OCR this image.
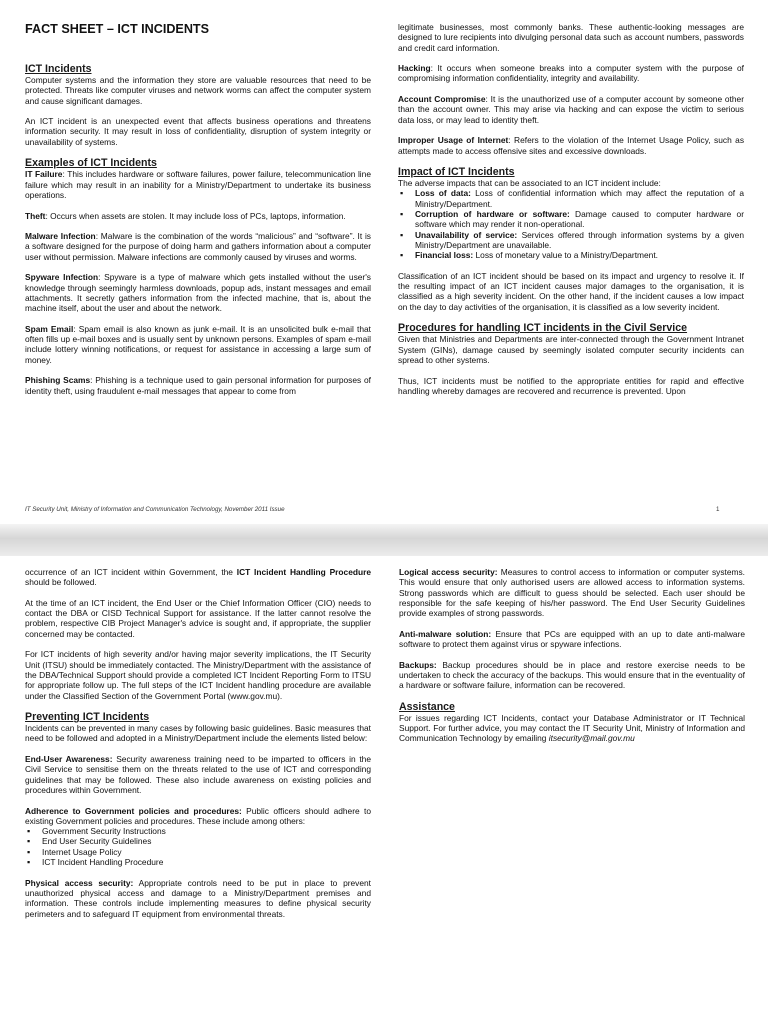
FACT SHEET – ICT INCIDENTS
ICT Incidents

Computer systems and the information they store are valuable resources that need to be protected. Threats like computer viruses and network worms can affect the computer system and cause significant damages.

An ICT incident is an unexpected event that affects business operations and threatens information security. It may result in loss of confidentiality, disruption of system integrity or unavailability of systems.

Examples of ICT Incidents

IT Failure: This includes hardware or software failures, power failure, telecommunication line failure which may result in an inability for a Ministry/Department to undertake its business operations.

Theft: Occurs when assets are stolen. It may include loss of PCs, laptops, information.

Malware Infection: Malware is the combination of the words “malicious” and “software”. It is a software designed for the purpose of doing harm and gathers information about a computer user without permission. Malware infections are commonly caused by viruses and worms.

Spyware Infection: Spyware is a type of malware which gets installed without the user's knowledge through seemingly harmless downloads, popup ads, instant messages and email attachments. It secretly gathers information from the infected machine, that is, about the machine itself, about the user and about the network.

Spam Email: Spam email is also known as junk e-mail. It is an unsolicited bulk e-mail that often fills up e-mail boxes and is usually sent by unknown persons. Examples of spam e-mail include lottery winning notifications, or request for assistance in accessing a large sum of money.

Phishing Scams: Phishing is a technique used to gain personal information for purposes of identity theft, using fraudulent e-mail messages that appear to come from

legitimate businesses, most commonly banks. These authentic-looking messages are designed to lure recipients into divulging personal data such as account numbers, passwords and credit card information.

Hacking: It occurs when someone breaks into a computer system with the purpose of compromising information confidentiality, integrity and availability.

Account Compromise: It is the unauthorized use of a computer account by someone other than the account owner. This may arise via hacking and can expose the victim to serious data loss, or may lead to identity theft.

Improper Usage of Internet: Refers to the violation of the Internet Usage Policy, such as attempts made to access offensive sites and excessive downloads.

Impact of ICT Incidents

The adverse impacts that can be associated to an ICT incident include:

▪ Loss of data: Loss of confidential information which may affect the reputation of a Ministry/Department.
▪ Corruption of hardware or software: Damage caused to computer hardware or software which may render it non-operational.
▪ Unavailability of service: Services offered through information systems by a given Ministry/Department are unavailable.
▪ Financial loss: Loss of monetary value to a Ministry/Department.

Classification of an ICT incident should be based on its impact and urgency to resolve it. If the resulting impact of an ICT incident causes major damages to the organisation, it is classified as a high severity incident. On the other hand, if the incident causes a low impact on the day to day activities of the organisation, it is classified as a low severity incident.

Procedures for handling ICT incidents in the Civil Service

Given that Ministries and Departments are inter-connected through the Government Intranet System (GINs), damage caused by seemingly isolated computer security incidents can spread to other systems.

Thus, ICT incidents must be notified to the appropriate entities for rapid and effective handling whereby damages are recovered and recurrence is prevented. Upon

IT Security Unit, Ministry of Information and Communication Technology, November 2011 Issue	1

occurrence of an ICT incident within Government, the ICT Incident Handling Procedure should be followed.

At the time of an ICT incident, the End User or the Chief Information Officer (CIO) needs to contact the DBA or CISD Technical Support for assistance. If the latter cannot resolve the problem, respective CIB Project Manager's advice is sought and, if appropriate, the supplier concerned may be contacted.

For ICT incidents of high severity and/or having major severity implications, the IT Security Unit (ITSU) should be immediately contacted. The Ministry/Department with the assistance of the DBA/Technical Support should provide a completed ICT Incident Reporting Form to ITSU for appropriate follow up. The full steps of the ICT Incident handling procedure are available under the Classified Section of the Government Portal (www.gov.mu).

Preventing ICT Incidents

Incidents can be prevented in many cases by following basic guidelines. Basic measures that need to be followed and adopted in a Ministry/Department include the elements listed below:

End-User Awareness: Security awareness training need to be imparted to officers in the Civil Service to sensitise them on the threats related to the use of ICT and corresponding guidelines that may be followed. These also include awareness on existing policies and procedures within Government.

Adherence to Government policies and procedures: Public officers should adhere to existing Government policies and procedures. These include among others:

▪ Government Security Instructions
▪ End User Security Guidelines
▪ Internet Usage Policy
▪ ICT Incident Handling Procedure

Physical access security: Appropriate controls need to be put in place to prevent unauthorized physical access and damage to a Ministry/Department premises and information. These controls include implementing measures to define physical security perimeters and to safeguard IT equipment from environmental threats.

Logical access security: Measures to control access to information or computer systems. This would ensure that only authorised users are allowed access to information systems. Strong passwords which are difficult to guess should be selected. Each user should be responsible for the safe keeping of his/her password. The End User Security Guidelines provide examples of strong passwords.

Anti-malware solution: Ensure that PCs are equipped with an up to date anti-malware software to protect them against virus or spyware infections.

Backups: Backup procedures should be in place and restore exercise needs to be undertaken to check the accuracy of the backups. This would ensure that in the eventuality of a hardware or software failure, information can be recovered.

Assistance

For issues regarding ICT Incidents, contact your Database Administrator or IT Technical Support. For further advice, you may contact the IT Security Unit, Ministry of Information and Communication Technology by emailing itsecurity@mail.gov.mu
